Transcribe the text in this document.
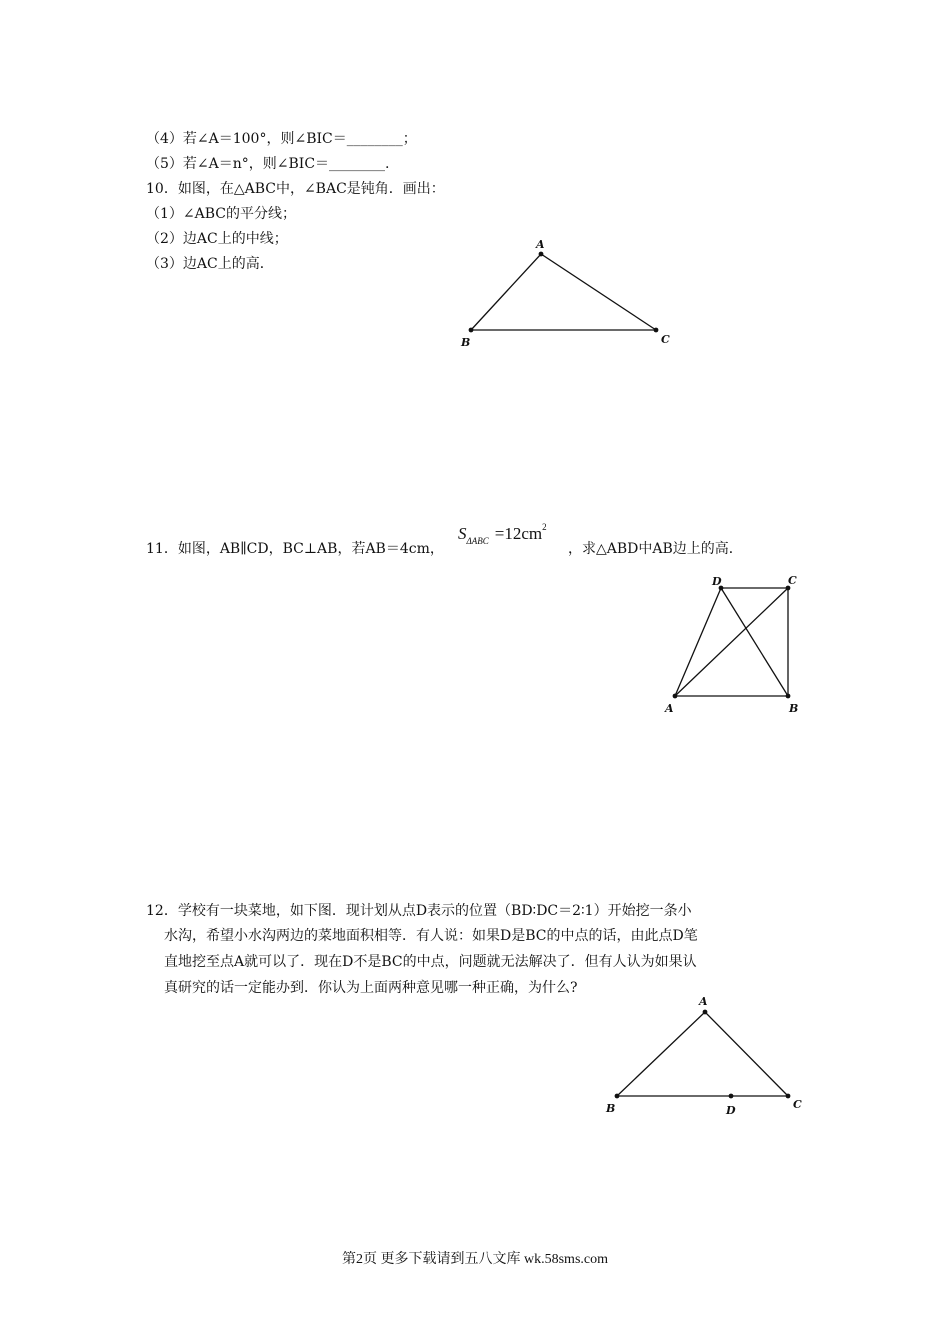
（4）若∠A＝100°，则∠BIC＝________；
（5）若∠A＝n°，则∠BIC＝________.
10．如图，在△ABC中，∠BAC是钝角．画出：
（1）∠ABC的平分线；
（2）边AC上的中线；
（3）边AC上的高．
A
B	C
11．如图，AB∥CD，BC⊥AB，若AB＝4cm，
$S_{\Delta ABC} =12cm^2$
，求△ABD中AB边上的高．
A	B
C
D
12．学校有一块菜地，如下图．现计划从点D表示的位置（BD∶DC＝2∶1）开始挖一条小
水沟，希望小水沟两边的菜地面积相等．有人说：如果D是BC的中点的话，由此点D笔
直地挖至点A就可以了．现在D不是BC的中点，问题就无法解决了．但有人认为如果认
真研究的话一定能办到．你认为上面两种意见哪一种正确，为什么?
A
B	C
D
第2页 更多下载请到五八文库 wk.58sms.com
